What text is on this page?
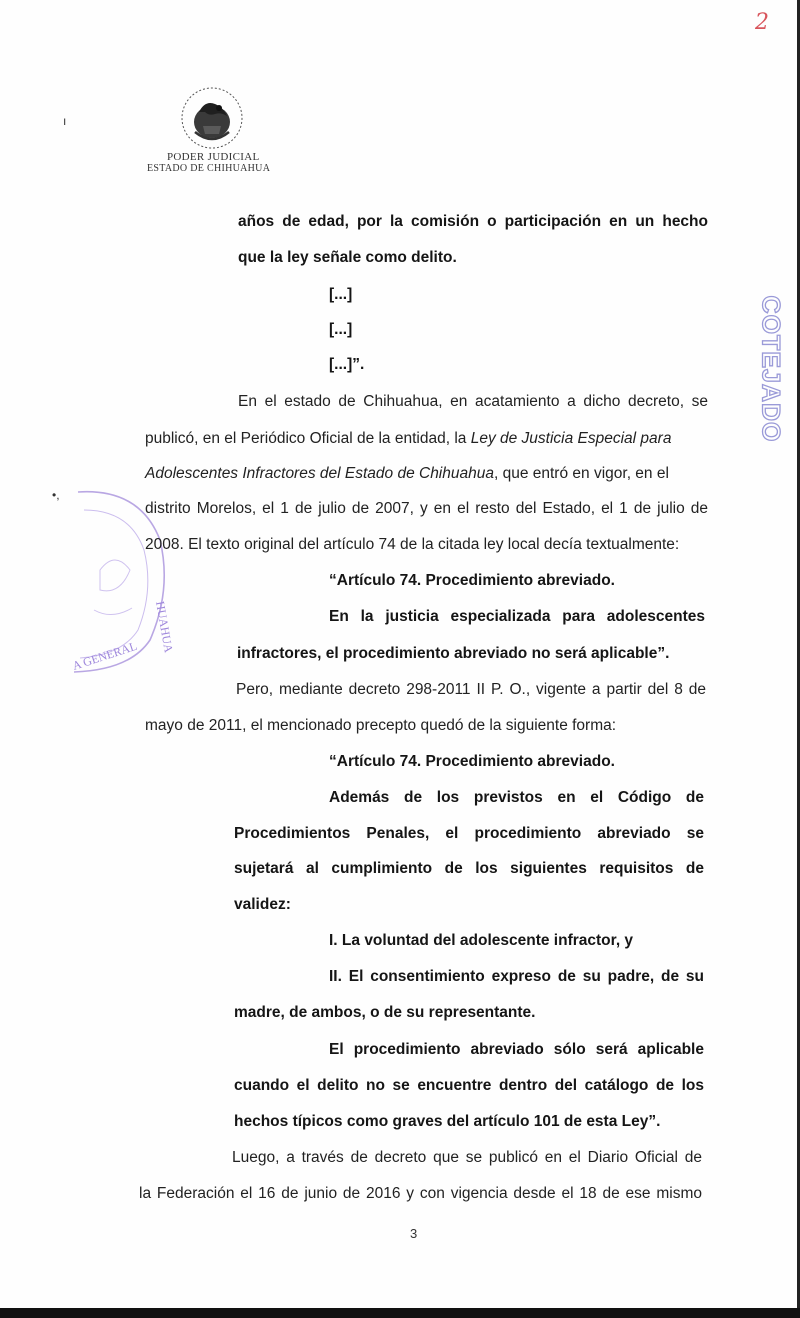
2
PODER JUDICIAL
ESTADO DE CHIHUAHUA
ı
•,
COTEJADO
HUAHUA
A GENERAL
años de edad, por la comisión o participación en un hecho
que la ley señale como delito.
[...]
[...]
[...]”.
En el estado de Chihuahua, en acatamiento a dicho decreto, se
publicó, en el Periódico Oficial de la entidad, la Ley de Justicia Especial para
Adolescentes Infractores del Estado de Chihuahua, que entró en vigor, en el
distrito Morelos, el 1 de julio de 2007, y en el resto del Estado, el 1 de julio de
2008. El texto original del artículo 74 de la citada ley local decía textualmente:
“Artículo 74. Procedimiento abreviado.
En la justicia especializada para adolescentes
infractores, el procedimiento abreviado no será aplicable”.
Pero, mediante decreto 298-2011 II P. O., vigente a partir del 8 de
mayo de 2011, el mencionado precepto quedó de la siguiente forma:
“Artículo 74. Procedimiento abreviado.
Además de los previstos en el Código de
Procedimientos Penales, el procedimiento abreviado se
sujetará al cumplimiento de los siguientes requisitos de
validez:
I. La voluntad del adolescente infractor, y
II. El consentimiento expreso de su padre, de su
madre, de ambos, o de su representante.
El procedimiento abreviado sólo será aplicable
cuando el delito no se encuentre dentro del catálogo de los
hechos típicos como graves del artículo 101 de esta Ley”.
Luego, a través de decreto que se publicó en el Diario Oficial de
la Federación el 16 de junio de 2016 y con vigencia desde el 18 de ese mismo
3
